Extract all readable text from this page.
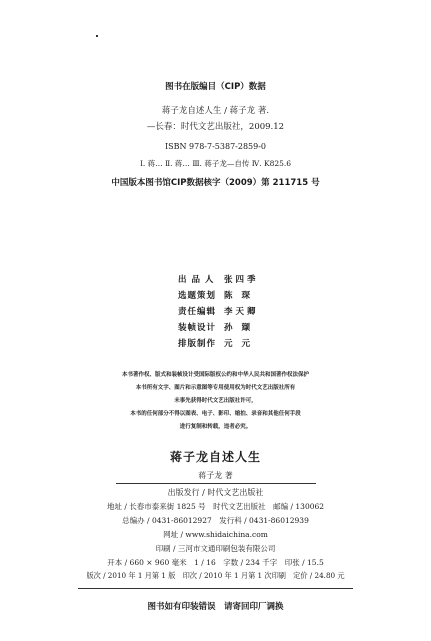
图书在版编目（CIP）数据
蒋子龙自述人生 / 蒋子龙 著.
—长春：时代文艺出版社，2009.12
ISBN 978-7-5387-2859-0
Ⅰ. 蒋… Ⅱ. 蒋… Ⅲ. 蒋子龙—自传 Ⅳ. K825.6
中国版本图书馆CIP数据核字（2009）第 211715 号
出 品 人	张四季
选题策划 陈 琛
责任编辑 李天卿
装帧设计 孙 颋
排版制作 元 元
本书著作权、版式和装帧设计受国际版权公约和中华人民共和国著作权法保护
本书所有文字、图片和示意图等专用使用权为时代文艺出版社所有
未事先获得时代文艺出版社许可，
本书的任何部分不得以图表、电子、影印、缩拍、录音和其他任何手段
进行复制和转载，违者必究。
蒋子龙自述人生
蒋子龙 著
出版发行 / 时代文艺出版社
地址 / 长春市泰来街 1825 号　时代文艺出版社　邮编 / 130062
总编办 / 0431-86012927　发行科 / 0431-86012939
网址 / www.shidaichina.com
印刷 / 三河市文通印刷包装有限公司
开本 / 660 × 960 毫米　1 / 16　字数 / 234 千字　印张 / 15.5
版次 / 2010 年 1 月第 1 版　印次 / 2010 年 1 月第 1 次印刷　定价 / 24.80 元
图书如有印装错误　请寄回印厂调换
